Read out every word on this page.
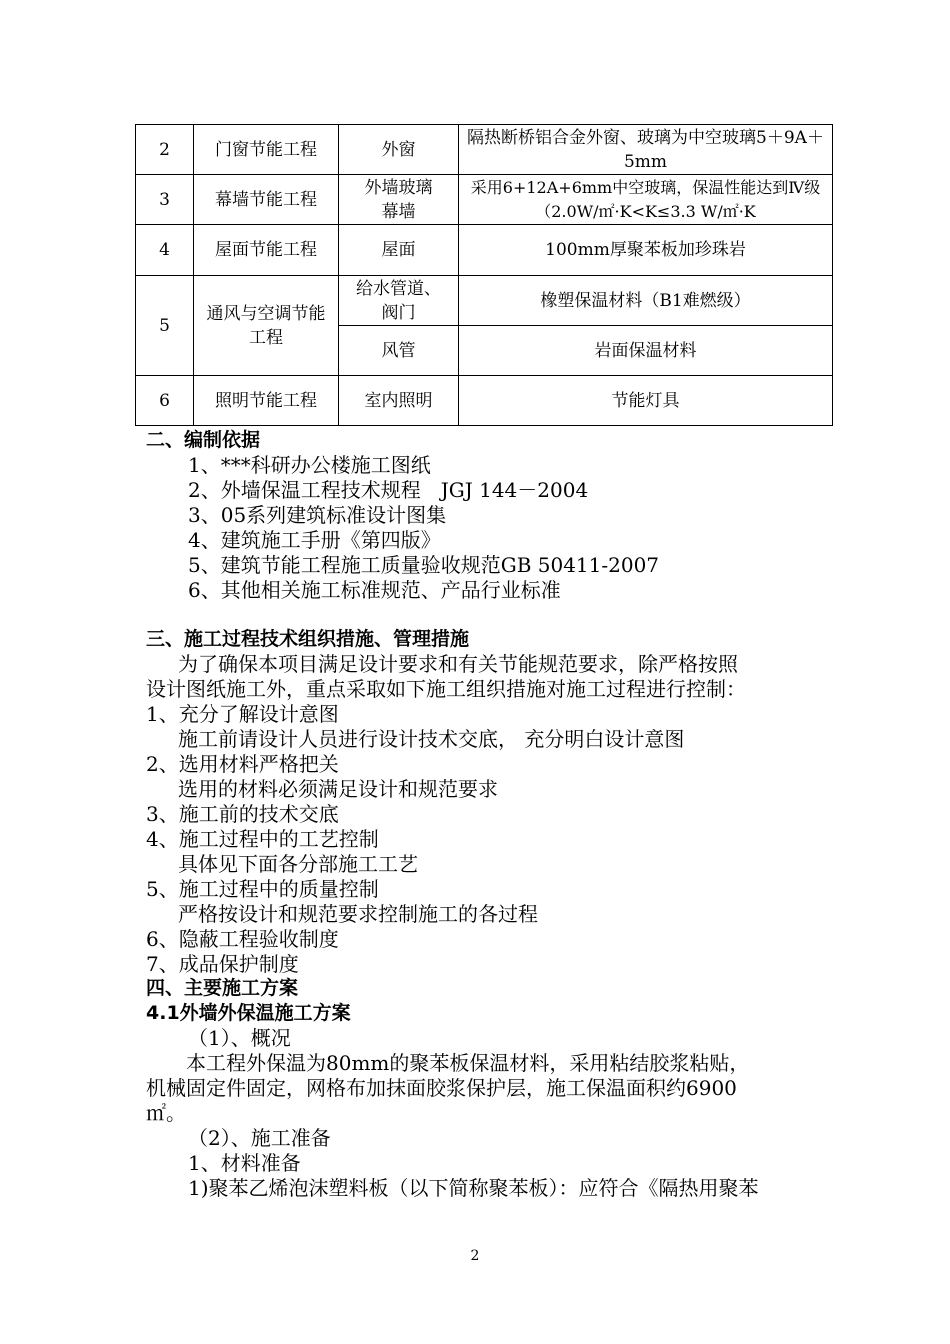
2	门窗节能工程	外窗	隔热断桥铝合金外窗、玻璃为中空玻璃5＋9A＋5mm
3	幕墙节能工程	外墙玻璃幕墙	采用6+12A+6mm中空玻璃，保温性能达到Ⅳ级（2.0W/㎡·K<K≤3.3 W/㎡·K
4	屋面节能工程	屋面	100mm厚聚苯板加珍珠岩
5	通风与空调节能工程	给水管道、阀门	橡塑保温材料（B1难燃级）
		风管	岩面保温材料
6	照明节能工程	室内照明	节能灯具
二、编制依据
1、***科研办公楼施工图纸
2、外墙保温工程技术规程　JGJ 144－2004
3、05系列建筑标准设计图集
4、建筑施工手册《第四版》
5、建筑节能工程施工质量验收规范GB 50411-2007
6、其他相关施工标准规范、产品行业标准
三、施工过程技术组织措施、管理措施
为了确保本项目满足设计要求和有关节能规范要求，除严格按照
设计图纸施工外，重点采取如下施工组织措施对施工过程进行控制：
1、充分了解设计意图
施工前请设计人员进行设计技术交底， 充分明白设计意图
2、选用材料严格把关
选用的材料必须满足设计和规范要求
3、施工前的技术交底
4、施工过程中的工艺控制
具体见下面各分部施工工艺
5、施工过程中的质量控制
严格按设计和规范要求控制施工的各过程
6、隐蔽工程验收制度
7、成品保护制度
四、主要施工方案
4.1外墙外保温施工方案
（1）、概况
本工程外保温为80mm的聚苯板保温材料，采用粘结胶浆粘贴，
机械固定件固定，网格布加抹面胶浆保护层，施工保温面积约6900
㎡。
（2）、施工准备
1、材料准备
1)聚苯乙烯泡沫塑料板（以下简称聚苯板）：应符合《隔热用聚苯
2
